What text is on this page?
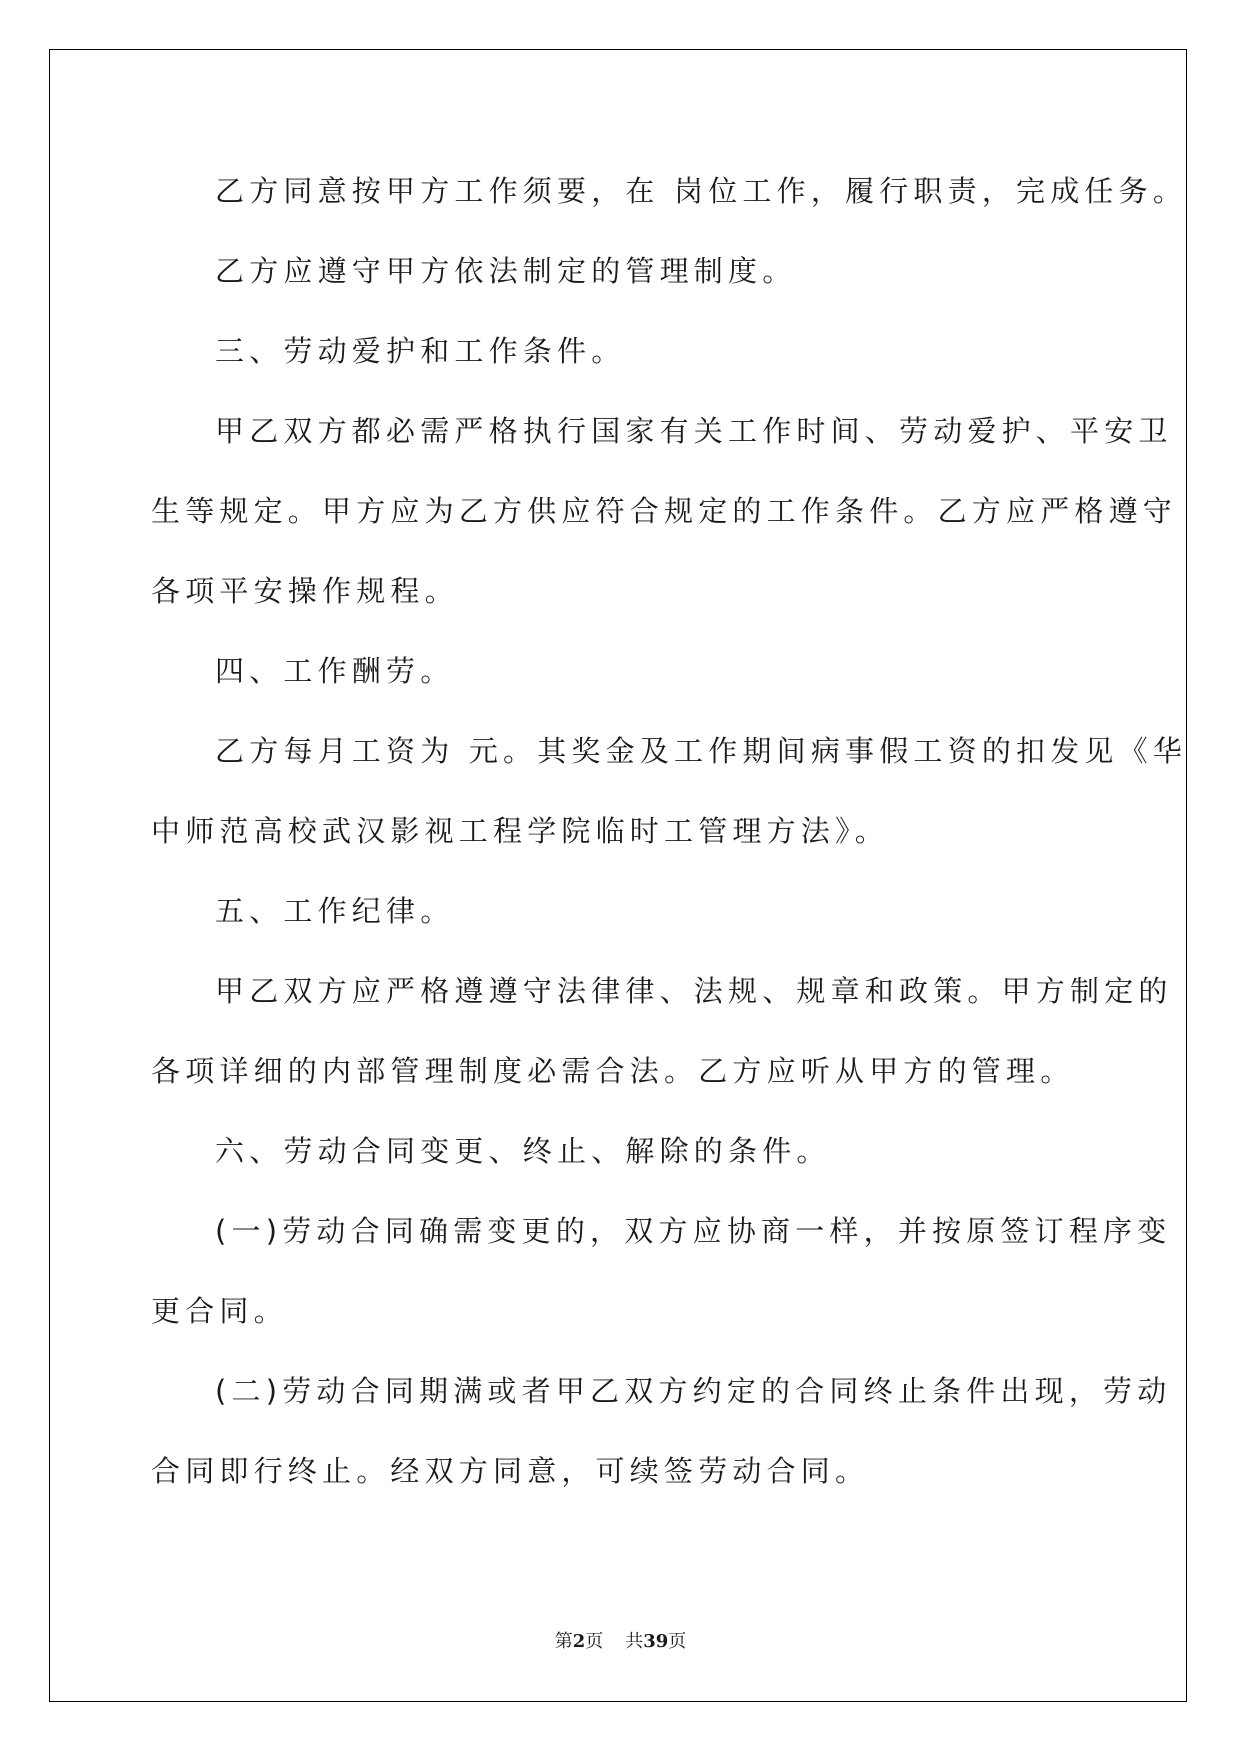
乙方同意按甲方工作须要，在 岗位工作，履行职责，完成任务。
乙方应遵守甲方依法制定的管理制度。
三、劳动爱护和工作条件。
甲乙双方都必需严格执行国家有关工作时间、劳动爱护、平安卫
生等规定。甲方应为乙方供应符合规定的工作条件。乙方应严格遵守
各项平安操作规程。
四、工作酬劳。
乙方每月工资为 元。其奖金及工作期间病事假工资的扣发见《华
中师范高校武汉影视工程学院临时工管理方法》。
五、工作纪律。
甲乙双方应严格遵遵守法律律、法规、规章和政策。甲方制定的
各项详细的内部管理制度必需合法。乙方应听从甲方的管理。
六、劳动合同变更、终止、解除的条件。
(一)劳动合同确需变更的，双方应协商一样，并按原签订程序变
更合同。
(二)劳动合同期满或者甲乙双方约定的合同终止条件出现，劳动
合同即行终止。经双方同意，可续签劳动合同。
第2页 共39页
